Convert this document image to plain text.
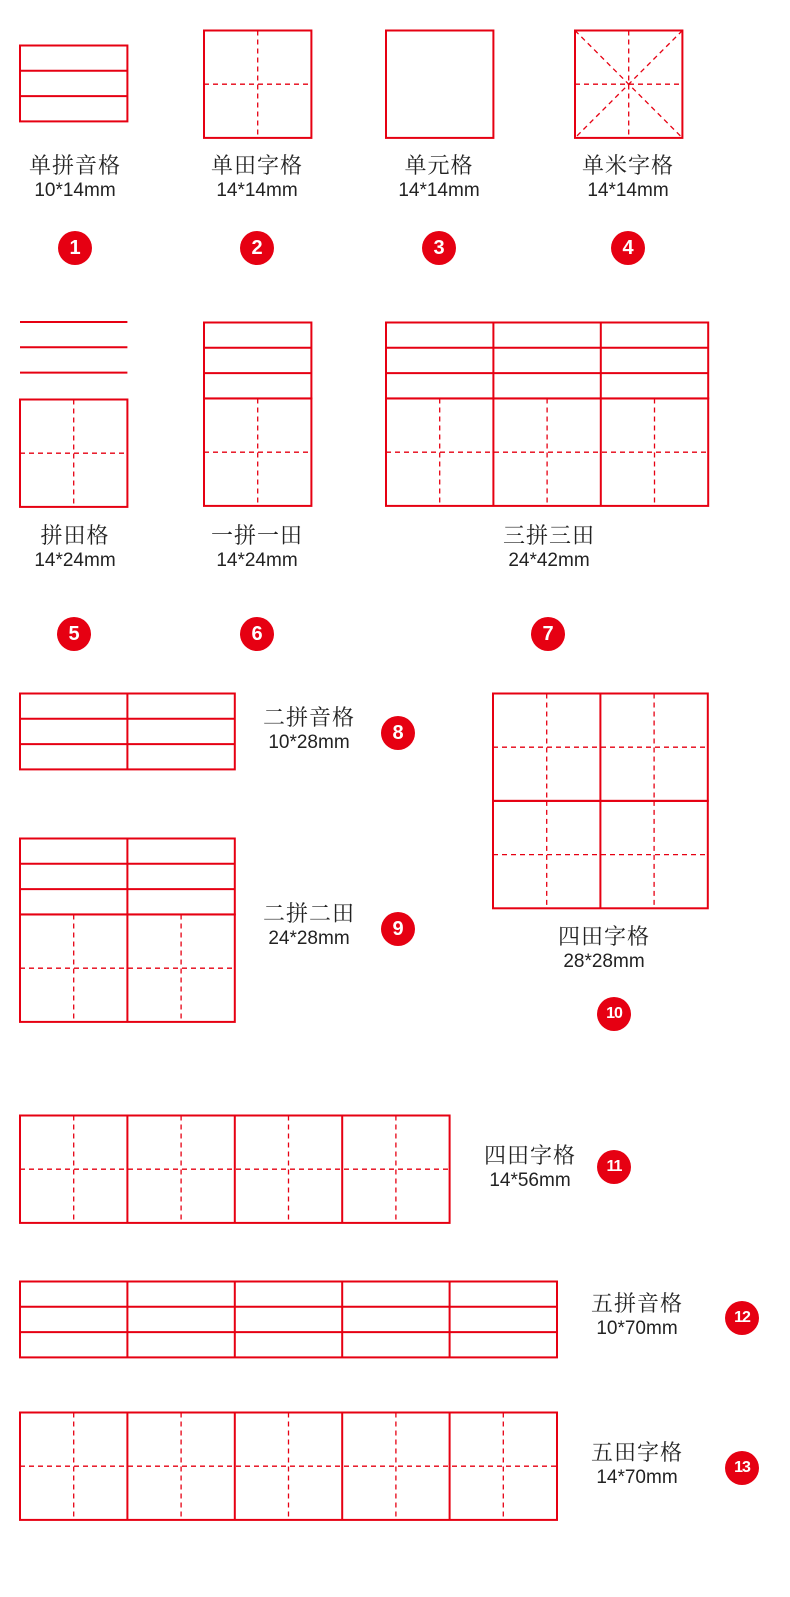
单拼音格
10*14mm
1
单田字格
14*14mm
2
单元格
14*14mm
3
单米字格
14*14mm
4
拼田格
14*24mm
5
一拼一田
14*24mm
6
三拼三田
24*42mm
7
二拼音格
10*28mm	8
二拼二田
24*28mm	9	四田字格
28*28mm
10
四田字格
14*56mm
11
五拼音格
10*70mm
12
五田字格
14*70mm	13
